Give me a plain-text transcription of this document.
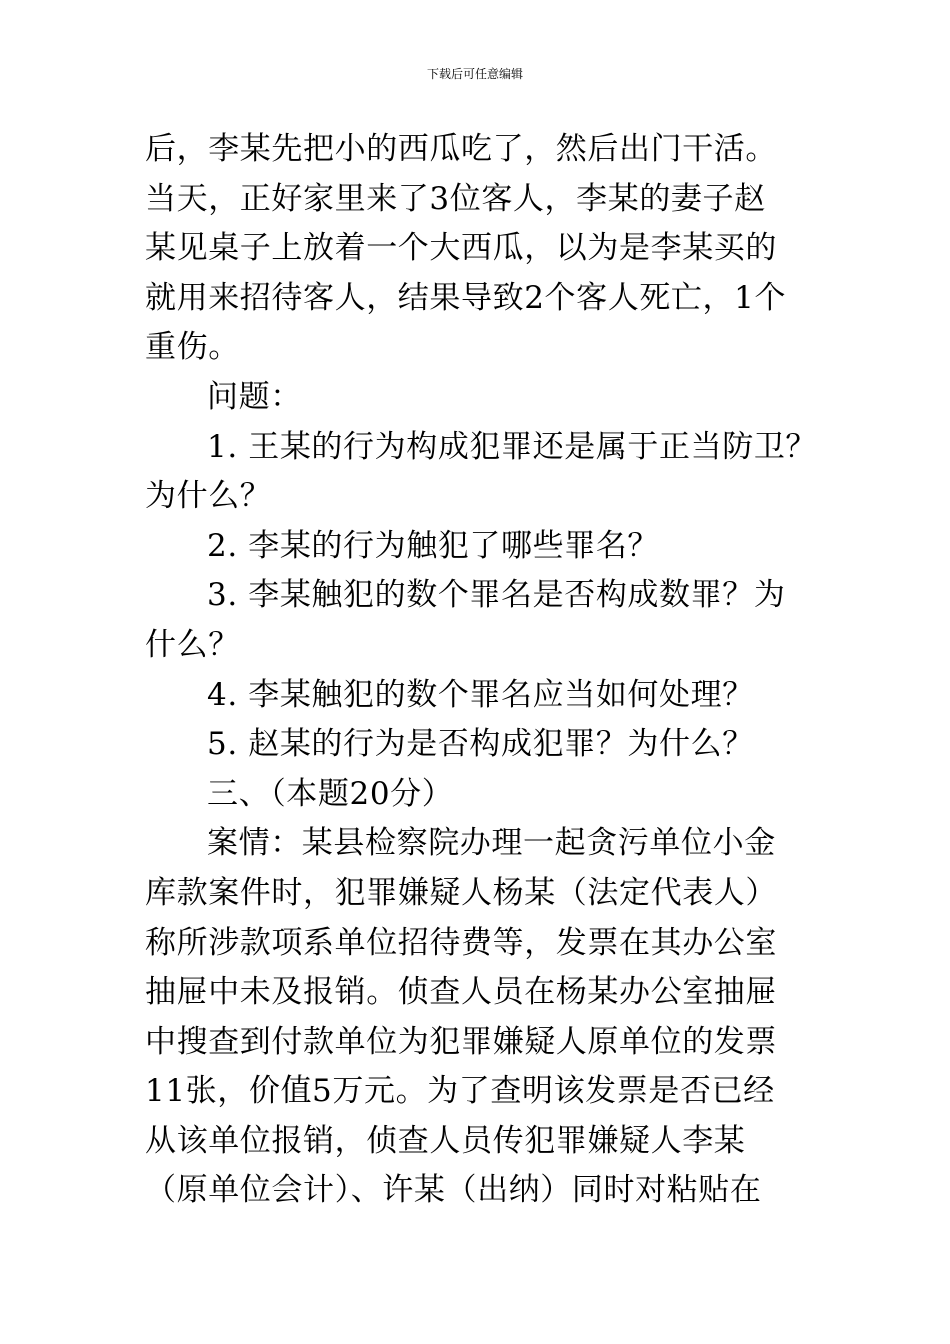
下载后可任意编辑
后，李某先把小的西瓜吃了，然后出门干活。
当天，正好家里来了3位客人，李某的妻子赵
某见桌子上放着一个大西瓜，以为是李某买的
就用来招待客人，结果导致2个客人死亡，1个
重伤。
问题：
1. 王某的行为构成犯罪还是属于正当防卫？
为什么？
2. 李某的行为触犯了哪些罪名？
3. 李某触犯的数个罪名是否构成数罪？为
什么？
4. 李某触犯的数个罪名应当如何处理？
5. 赵某的行为是否构成犯罪？为什么？
三、（本题20分）
案情：某县检察院办理一起贪污单位小金
库款案件时，犯罪嫌疑人杨某（法定代表人）
称所涉款项系单位招待费等，发票在其办公室
抽屉中未及报销。侦查人员在杨某办公室抽屉
中搜查到付款单位为犯罪嫌疑人原单位的发票
11张，价值5万元。为了查明该发票是否已经
从该单位报销，侦查人员传犯罪嫌疑人李某
（原单位会计）、许某（出纳）同时对粘贴在
